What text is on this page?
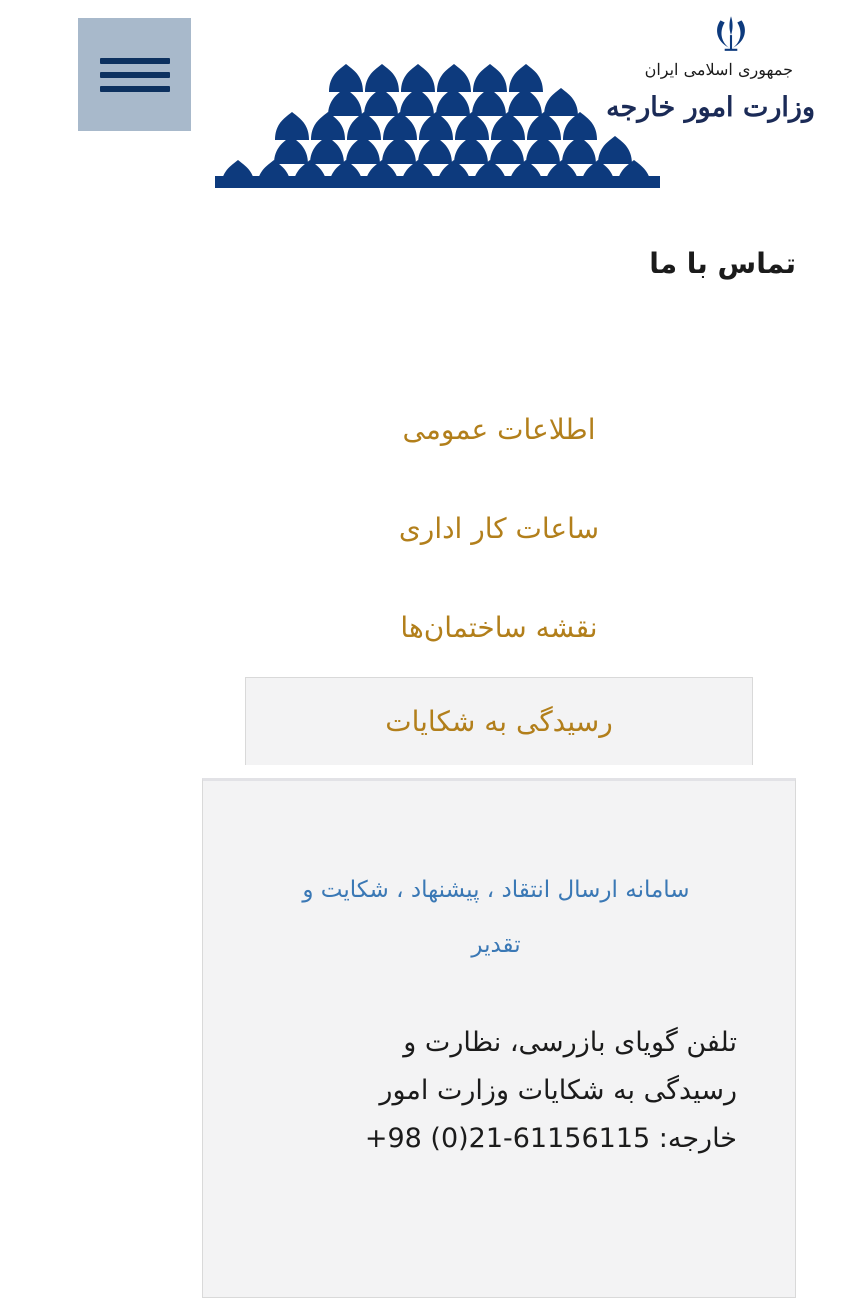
جمهوری اسلامی ایران
وزارت امور خارجه
تماس با ما
اطلاعات عمومی
ساعات کار اداری
نقشه ساختمان‌ها
رسیدگی به شکایات
سامانه ارسال انتقاد ، پیشنهاد ، شکایت و تقدیر
تلفن گویای بازرسی، نظارت و رسیدگی به شکایات وزارت امور خارجه: +98 (0)21-61156115
